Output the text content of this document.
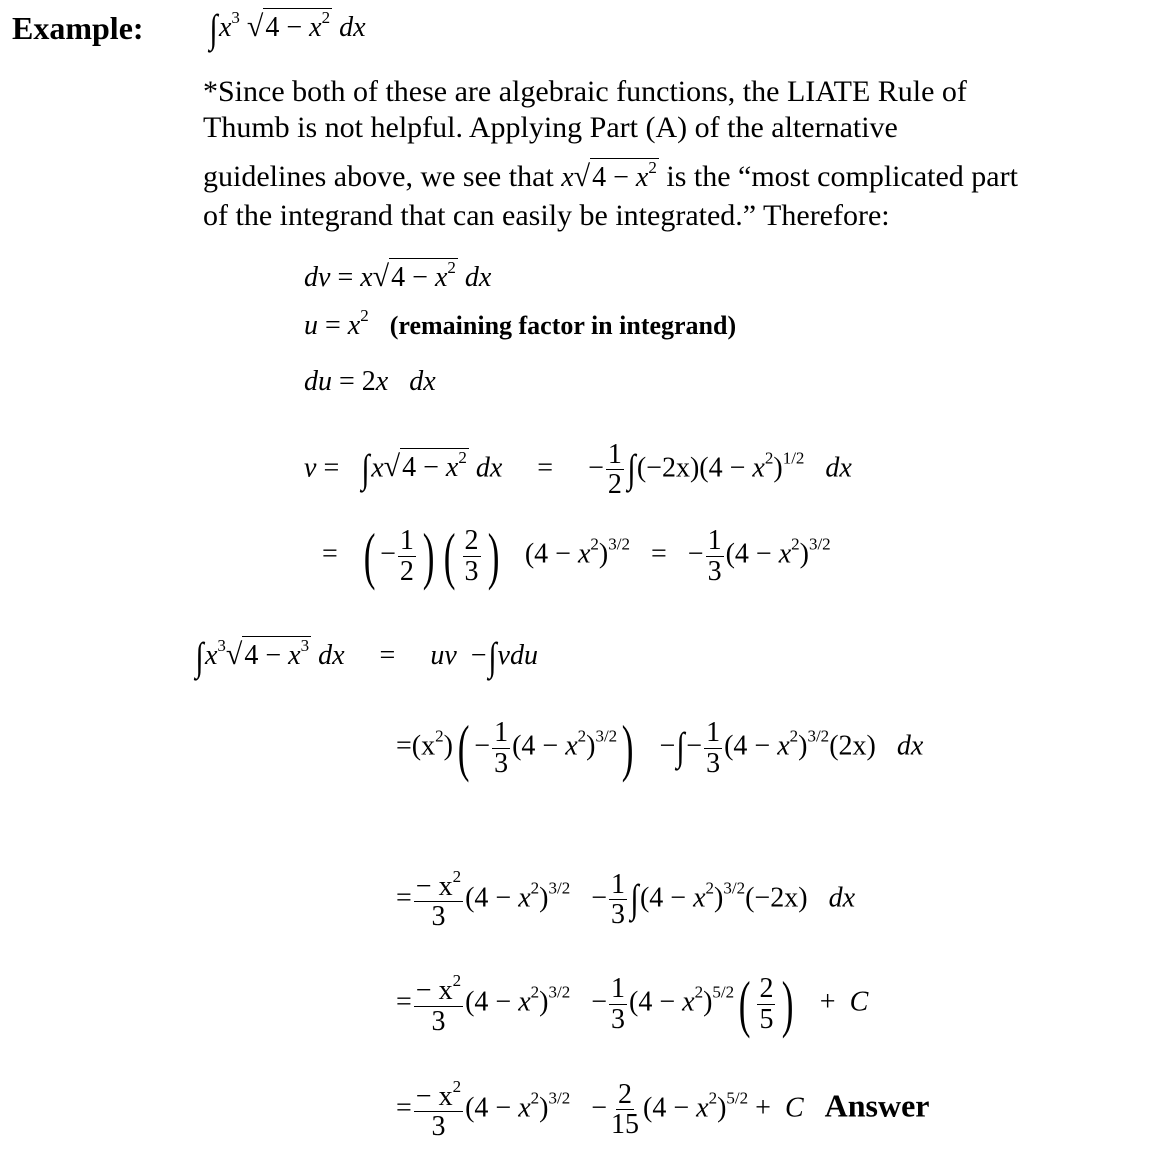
Example: $\int x^3$ $√4 - x^2$ dx
*Since both of these are algebraic functions, the LIATE Rule of
Thumb is not helpful. Applying Part (A) of the alternative
guidelines above, we see that $x√4 - x^2$ is the “most complicated part
of the integrand that can easily be integrated.” Therefore:
dv = $x√4 - x^2$ dx
$u = x^2$ (remaining factor in integrand)
du = 2x dx
$v = \int x√4 - x^2$ dx = − $\frac{1}{2} \int(-2x)(4 - x^2)^{1/2}$ dx
= ( − $\frac{1}{2}$ ) ( $\frac{2}{3}$ ) $(4 - x^2)^{3/2}$ = − $\frac{1}{3} (4 - x^2)^{3/2}$
$\int x^3√4 - x^3$ dx = uv −∫vdu
$=(x^2)( - \frac{1}{3} (4 - x^2)^{3/2})$ −∫− $\frac{1}{3} (4 - x^2)^{3/2}(2x)$ dx
= $\frac{- x^2}{3} (4 - x^2)^{3/2} - \frac{1}{3} \int(4 - x^2)^{3/2}(-2x)$ dx
= $\frac{- x^2}{3} (4 - x^2)^{3/2} - \frac{1}{3} (4 - x^2)^{5/2}( \frac{2}{5}$ ) + C
= $\frac{- x^2}{3} (4 - x^2)^{3/2} - \frac{2}{15} (4 - x^2)^{5/2} + C$ Answer
